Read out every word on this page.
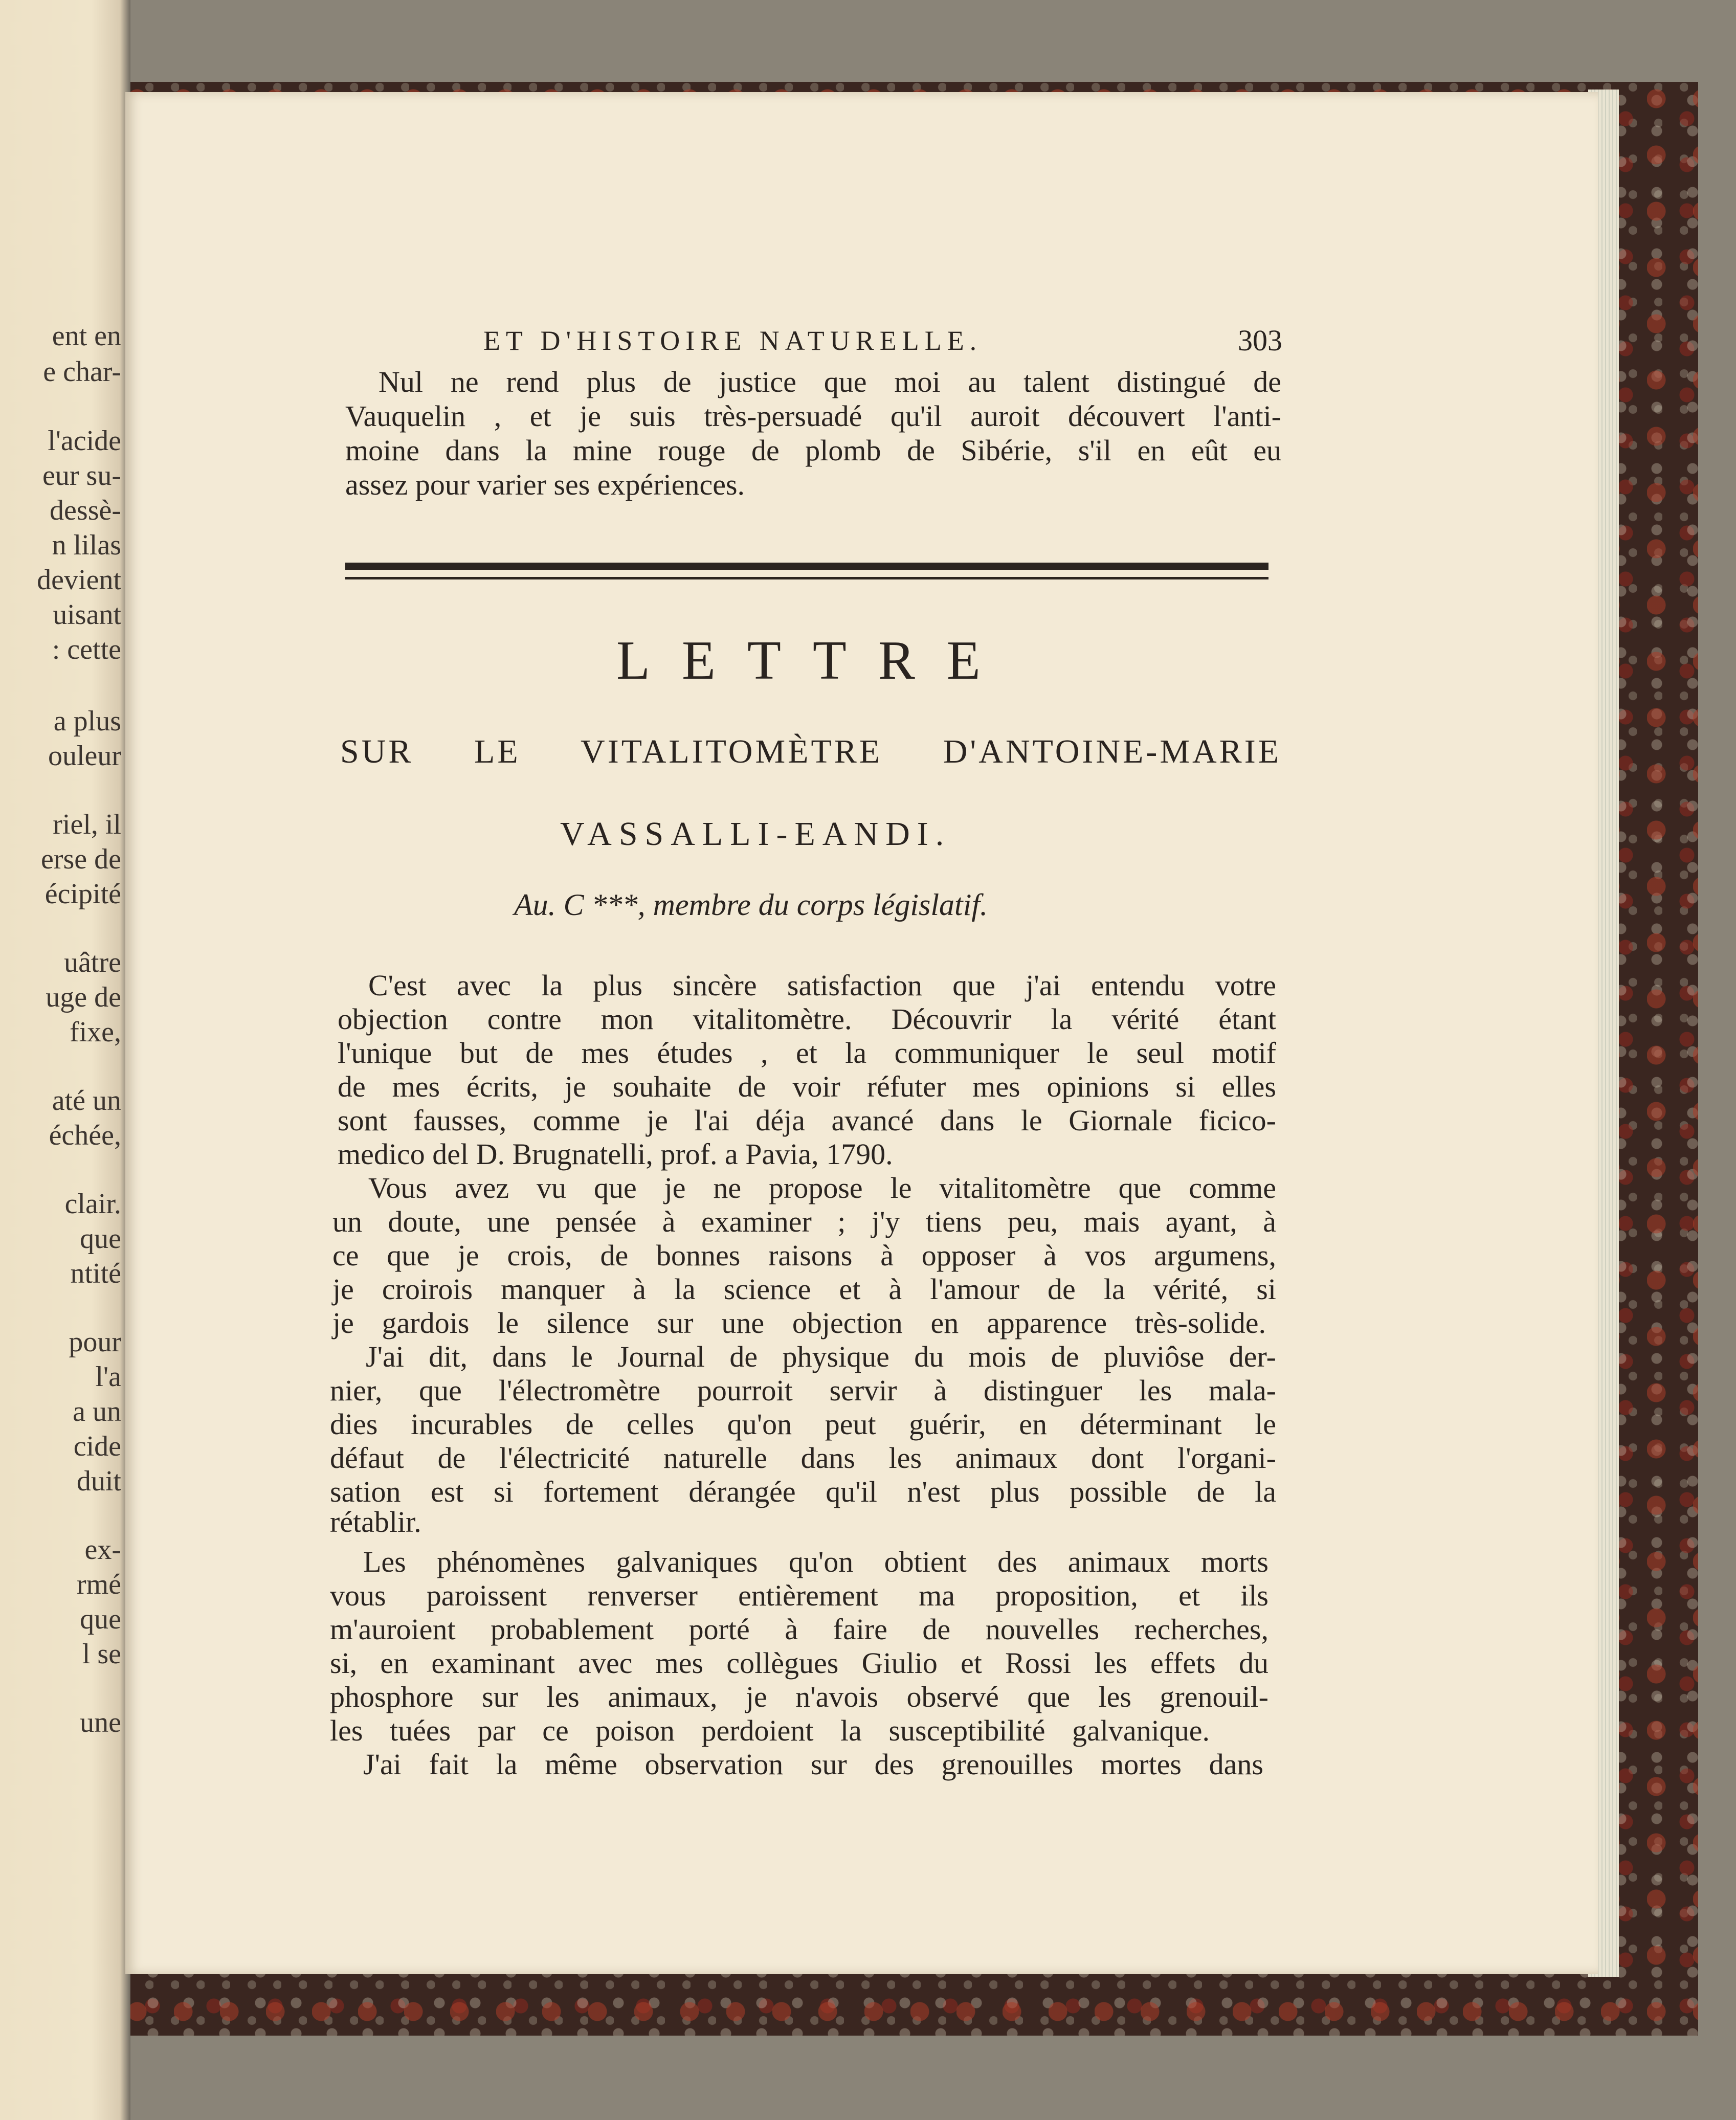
ent en
e char-
l'acide
eur su-
dessè-
n lilas
devient
uisant
: cette
a plus
ouleur
riel, il
erse de
écipité
uâtre
uge de
fixe,
até un
échée,
clair.
que
ntité
pour
l'a
a un
cide
duit
ex-
rmé
que
l se
une
ET D'HISTOIRE NATURELLE.	303
Nul ne rend plus de justice que moi au talent distingué de
Vauquelin , et je suis très-persuadé qu'il auroit découvert l'anti-
moine dans la mine rouge de plomb de Sibérie, s'il en eût eu
assez pour varier ses expériences.
LETTRE
SUR LE VITALITOMÈTRE D'ANTOINE-MARIE
VASSALLI-EANDI.
Au. C ***, membre du corps législatif.
C'est avec la plus sincère satisfaction que j'ai entendu votre
objection contre mon vitalitomètre. Découvrir la vérité étant
l'unique but de mes études , et la communiquer le seul motif
de mes écrits, je souhaite de voir réfuter mes opinions si elles
sont fausses, comme je l'ai déja avancé dans le Giornale ficico-
medico del D. Brugnatelli, prof. a Pavia, 1790.
Vous avez vu que je ne propose le vitalitomètre que comme
un doute, une pensée à examiner ; j'y tiens peu, mais ayant, à
ce que je crois, de bonnes raisons à opposer à vos argumens,
je croirois manquer à la science et à l'amour de la vérité, si
je gardois le silence sur une objection en apparence très-solide.
J'ai dit, dans le Journal de physique du mois de pluviôse der-
nier, que l'électromètre pourroit servir à distinguer les mala-
dies incurables de celles qu'on peut guérir, en déterminant le
défaut de l'électricité naturelle dans les animaux dont l'organi-
sation est si fortement dérangée qu'il n'est plus possible de la
rétablir.
Les phénomènes galvaniques qu'on obtient des animaux morts
vous paroissent renverser entièrement ma proposition, et ils
m'auroient probablement porté à faire de nouvelles recherches,
si, en examinant avec mes collègues Giulio et Rossi les effets du
phosphore sur les animaux, je n'avois observé que les grenouil-
les tuées par ce poison perdoient la susceptibilité galvanique.
J'ai fait la même observation sur des grenouilles mortes dans
